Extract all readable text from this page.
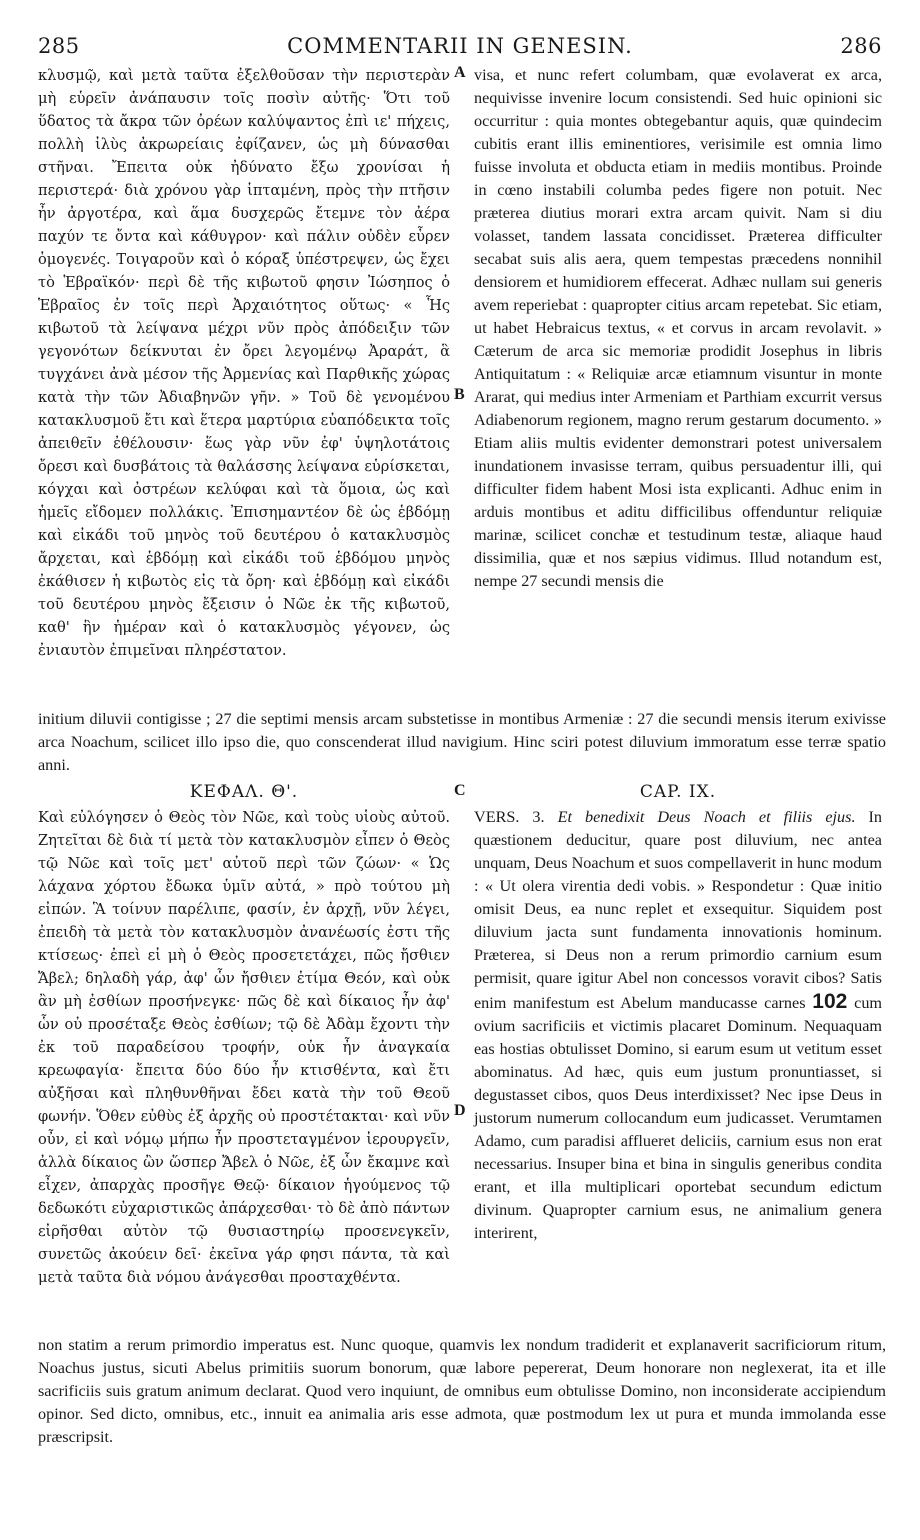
285	COMMENTARII IN GENESIN.	286

κλυσμῷ, καὶ μετὰ ταῦτα ἐξελθοῦσαν τὴν περιστερὰν μὴ εὑρεῖν ἀνάπαυσιν τοῖς ποσὶν αὐτῆς· Ὅτι τοῦ ὕδατος τὰ ἄκρα τῶν ὀρέων καλύψαντος ἐπὶ ιε' πήχεις, πολλὴ ἰλὺς ἀκρωρείαις ἐφίζανεν, ὡς μὴ δύνασθαι στῆναι. Ἔπειτα οὐκ ἠδύνατο ἔξω χρονίσαι ἡ περιστερά· διὰ χρόνου γὰρ ἱπταμένη, πρὸς τὴν πτῆσιν ἦν ἀργοτέρα, καὶ ἅμα δυσχερῶς ἔτεμνε τὸν ἀέρα παχύν τε ὄντα καὶ κάθυγρον· καὶ πάλιν οὐδὲν εὗρεν ὁμογενές. Τοιγαροῦν καὶ ὁ κόραξ ὑπέστρεψεν, ὡς ἔχει τὸ Ἑβραϊκόν· περὶ δὲ τῆς κιβωτοῦ φησιν Ἰώσηπος ὁ Ἑβραῖος ἐν τοῖς περὶ Ἀρχαιότητος οὕτως· « Ἧς κιβωτοῦ τὰ λείψανα μέχρι νῦν πρὸς ἀπόδειξιν τῶν γεγονότων δείκνυται ἐν ὄρει λεγομένῳ Ἀραράτ, ἃ τυγχάνει ἀνὰ μέσον τῆς Ἀρμενίας καὶ Παρθικῆς χώρας κατὰ τὴν τῶν Ἀδιαβηνῶν γῆν. » Τοῦ δὲ γενομένου κατακλυσμοῦ ἔτι καὶ ἕτερα μαρτύρια εὐαπόδεικτα τοῖς ἀπειθεῖν ἐθέλουσιν· ἕως γὰρ νῦν ἐφ' ὑψηλοτάτοις ὄρεσι καὶ δυσβάτοις τὰ θαλάσσης λείψανα εὑρίσκεται, κόγχαι καὶ ὀστρέων κελύφαι καὶ τὰ ὅμοια, ὡς καὶ ἡμεῖς εἴδομεν πολλάκις. Ἐπισημαντέον δὲ ὡς ἑβδόμῃ καὶ εἰκάδι τοῦ μηνὸς τοῦ δευτέρου ὁ κατακλυσμὸς ἄρχεται, καὶ ἑβδόμῃ καὶ εἰκάδι τοῦ ἑβδόμου μηνὸς ἐκάθισεν ἡ κιβωτὸς εἰς τὰ ὄρη· καὶ ἑβδόμῃ καὶ εἰκάδι τοῦ δευτέρου μηνὸς ἔξεισιν ὁ Νῶε ἐκ τῆς κιβωτοῦ, καθ' ἣν ἡμέραν καὶ ὁ κατακλυσμὸς γέγονεν, ὡς ἐνιαυτὸν ἐπιμεῖναι πληρέστατον.

visa, et nunc refert columbam, quæ evolaverat ex arca, nequivisse invenire locum consistendi. Sed huic opinioni sic occurritur : quia montes obtegebantur aquis, quæ quindecim cubitis erant illis eminentiores, verisimile est omnia limo fuisse involuta et obducta etiam in mediis montibus. Proinde in cœno instabili columba pedes figere non potuit. Nec præterea diutius morari extra arcam quivit. Nam si diu volasset, tandem lassata concidisset. Præterea difficulter secabat suis alis aera, quem tempestas præcedens nonnihil densiorem et humidiorem effecerat. Adhæc nullam sui generis avem reperiebat : quapropter citius arcam repetebat. Sic etiam, ut habet Hebraicus textus, « et corvus in arcam revolavit. » Cæterum de arca sic memoriæ prodidit Josephus in libris Antiquitatum : « Reliquiæ arcæ etiamnum visuntur in monte Ararat, qui medius inter Armeniam et Parthiam excurrit versus Adiabenorum regionem, magno rerum gestarum documento. » Etiam aliis multis evidenter demonstrari potest universalem inundationem invasisse terram, quibus persuadentur illi, qui difficulter fidem habent Mosi ista explicanti. Adhuc enim in arduis montibus et aditu difficilibus offenduntur reliquiæ marinæ, scilicet conchæ et testudinum testæ, aliaque haud dissimilia, quæ et nos sæpius vidimus. Illud notandum est, nempe 27 secundi mensis die

A
B

initium diluvii contigisse ; 27 die septimi mensis arcam substetisse in montibus Armeniæ : 27 die secundi mensis iterum exivisse arca Noachum, scilicet illo ipso die, quo conscenderat illud navigium. Hinc sciri potest diluvium immoratum esse terræ spatio anni.

ΚΕΦΑΛ. Θ'.	C	CAP. IX.

Καὶ εὐλόγησεν ὁ Θεὸς τὸν Νῶε, καὶ τοὺς υἱοὺς αὐτοῦ. Ζητεῖται δὲ διὰ τί μετὰ τὸν κατακλυσμὸν εἶπεν ὁ Θεὸς τῷ Νῶε καὶ τοῖς μετ' αὐτοῦ περὶ τῶν ζώων· « Ὡς λάχανα χόρτου ἔδωκα ὑμῖν αὐτά, » πρὸ τούτου μὴ εἰπών. Ἃ τοίνυν παρέλιπε, φασίν, ἐν ἀρχῇ, νῦν λέγει, ἐπειδὴ τὰ μετὰ τὸν κατακλυσμὸν ἀνανέωσίς ἐστι τῆς κτίσεως· ἐπεὶ εἰ μὴ ὁ Θεὸς προσετετάχει, πῶς ἤσθιεν Ἄβελ; δηλαδὴ γάρ, ἀφ' ὧν ἤσθιεν ἐτίμα Θεόν, καὶ οὐκ ἂν μὴ ἐσθίων προσήνεγκε· πῶς δὲ καὶ δίκαιος ἦν ἀφ' ὧν οὐ προσέταξε Θεὸς ἐσθίων; τῷ δὲ Ἀδὰμ ἔχοντι τὴν ἐκ τοῦ παραδείσου τροφήν, οὐκ ἦν ἀναγκαία κρεωφαγία· ἔπειτα δύο δύο ἦν κτισθέντα, καὶ ἔτι αὐξῆσαι καὶ πληθυνθῆναι ἔδει κατὰ τὴν τοῦ Θεοῦ φωνήν. Ὅθεν εὐθὺς ἐξ ἀρχῆς οὐ προστέτακται· καὶ νῦν οὖν, εἰ καὶ νόμῳ μήπω ἦν προστεταγμένον ἱερουργεῖν, ἀλλὰ δίκαιος ὢν ὥσπερ Ἄβελ ὁ Νῶε, ἐξ ὧν ἔκαμνε καὶ εἶχεν, ἀπαρχὰς προσῆγε Θεῷ· δίκαιον ἡγούμενος τῷ δεδωκότι εὐχαριστικῶς ἀπάρχεσθαι· τὸ δὲ ἀπὸ πάντων εἰρῆσθαι αὐτὸν τῷ θυσιαστηρίῳ προσενεγκεῖν, συνετῶς ἀκούειν δεῖ· ἐκεῖνα γάρ φησι πάντα, τὰ καὶ μετὰ ταῦτα διὰ νόμου ἀνάγεσθαι προσταχθέντα.

D

VERS. 3. Et benedixit Deus Noach et filiis ejus. In quæstionem deducitur, quare post diluvium, nec antea unquam, Deus Noachum et suos compellaverit in hunc modum : « Ut olera virentia dedi vobis. » Respondetur : Quæ initio omisit Deus, ea nunc replet et exsequitur. Siquidem post diluvium jacta sunt fundamenta innovationis hominum. Præterea, si Deus non a rerum primordio carnium esum permisit, quare igitur Abel non concessos voravit cibos? Satis enim manifestum est Abelum manducasse carnes 102 cum ovium sacrificiis et victimis placaret Dominum. Nequaquam eas hostias obtulisset Domino, si earum esum ut vetitum esset abominatus. Ad hæc, quis eum justum pronuntiasset, si degustasset cibos, quos Deus interdixisset? Nec ipse Deus in justorum numerum collocandum eum judicasset. Verumtamen Adamo, cum paradisi afflueret deliciis, carnium esus non erat necessarius. Insuper bina et bina in singulis generibus condita erant, et illa multiplicari oportebat secundum edictum divinum. Quapropter carnium esus, ne animalium genera interirent,

non statim a rerum primordio imperatus est. Nunc quoque, quamvis lex nondum tradiderit et explanaverit sacrificiorum ritum, Noachus justus, sicuti Abelus primitiis suorum bonorum, quæ labore pepererat, Deum honorare non neglexerat, ita et ille sacrificiis suis gratum animum declarat. Quod vero inquiunt, de omnibus eum obtulisse Domino, non inconsiderate accipiendum opinor. Sed dicto, omnibus, etc., innuit ea animalia aris esse admota, quæ postmodum lex ut pura et munda immolanda esse præscripsit.
